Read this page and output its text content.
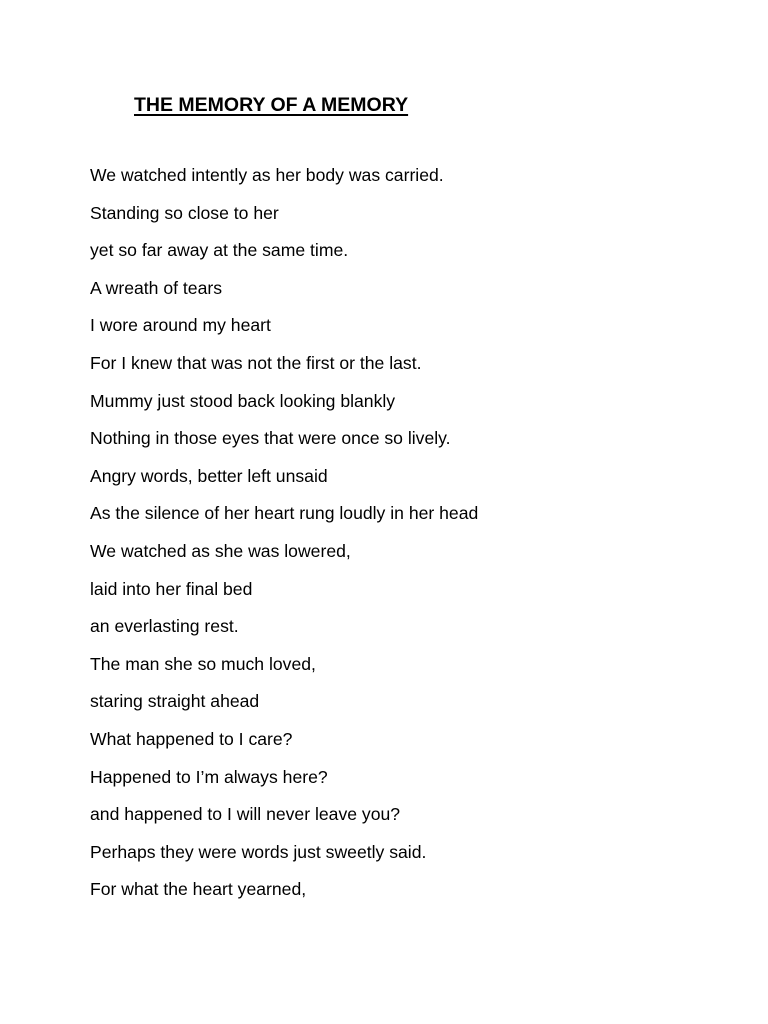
THE MEMORY OF A MEMORY
We watched intently as her body was carried.
Standing so close to her
yet so far away at the same time.
A wreath of tears
I wore around my heart
For I knew that was not the first or the last.
Mummy just stood back looking blankly
Nothing in those eyes that were once so lively.
Angry words, better left unsaid
As the silence of her heart rung loudly in her head
We watched as she was lowered,
laid into her final bed
an everlasting rest.
The man she so much loved,
staring straight ahead
What happened to I care?
Happened to I’m always here?
and happened to I will never leave you?
Perhaps they were words just sweetly said.
For what the heart yearned,
